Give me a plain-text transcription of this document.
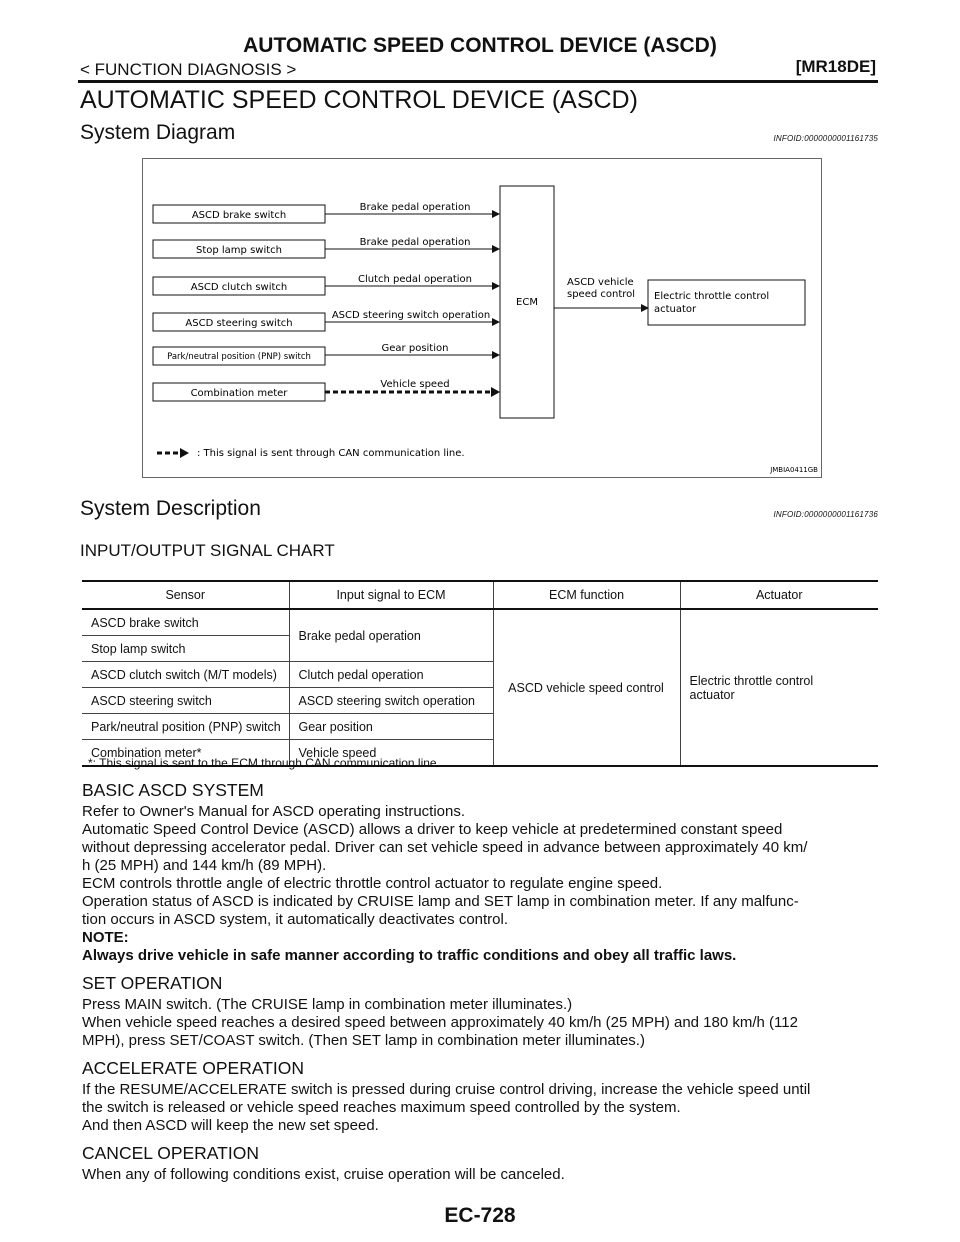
AUTOMATIC SPEED CONTROL DEVICE (ASCD)
< FUNCTION DIAGNOSIS >	[MR18DE]
AUTOMATIC SPEED CONTROL DEVICE (ASCD)
System Diagram	INFOID:0000000001161735
ASCD brake switch
Brake pedal operation
Stop lamp switch
Brake pedal operation
ASCD clutch switch
Clutch pedal operation
ASCD steering switch
ASCD steering switch operation
Park/neutral position (PNP) switch
Gear position
Combination meter
Vehicle speed
ECM
ASCD vehicle
speed control Electric throttle control
actuator
: This signal is sent through CAN communication line.
JMBIA0411GB
System Description	INFOID:0000000001161736
INPUT/OUTPUT SIGNAL CHART
Sensor	Input signal to ECM	ECM function	Actuator
ASCD brake switch	Brake pedal operation	ASCD vehicle speed control	Electric throttle control
actuator
Stop lamp switch			
ASCD clutch switch (M/T models)	Clutch pedal operation		
ASCD steering switch	ASCD steering switch operation		
Park/neutral position (PNP) switch	Gear position		
Combination meter*	Vehicle speed		
*: This signal is sent to the ECM through CAN communication line
BASIC ASCD SYSTEM
Refer to Owner's Manual for ASCD operating instructions.
Automatic Speed Control Device (ASCD) allows a driver to keep vehicle at predetermined constant speed
without depressing accelerator pedal. Driver can set vehicle speed in advance between approximately 40 km/
h (25 MPH) and 144 km/h (89 MPH).
ECM controls throttle angle of electric throttle control actuator to regulate engine speed.
Operation status of ASCD is indicated by CRUISE lamp and SET lamp in combination meter. If any malfunc-
tion occurs in ASCD system, it automatically deactivates control.
NOTE:
Always drive vehicle in safe manner according to traffic conditions and obey all traffic laws.
SET OPERATION
Press MAIN switch. (The CRUISE lamp in combination meter illuminates.)
When vehicle speed reaches a desired speed between approximately 40 km/h (25 MPH) and 180 km/h (112
MPH), press SET/COAST switch. (Then SET lamp in combination meter illuminates.)
ACCELERATE OPERATION
If the RESUME/ACCELERATE switch is pressed during cruise control driving, increase the vehicle speed until
the switch is released or vehicle speed reaches maximum speed controlled by the system.
And then ASCD will keep the new set speed.
CANCEL OPERATION
When any of following conditions exist, cruise operation will be canceled.
EC-728
